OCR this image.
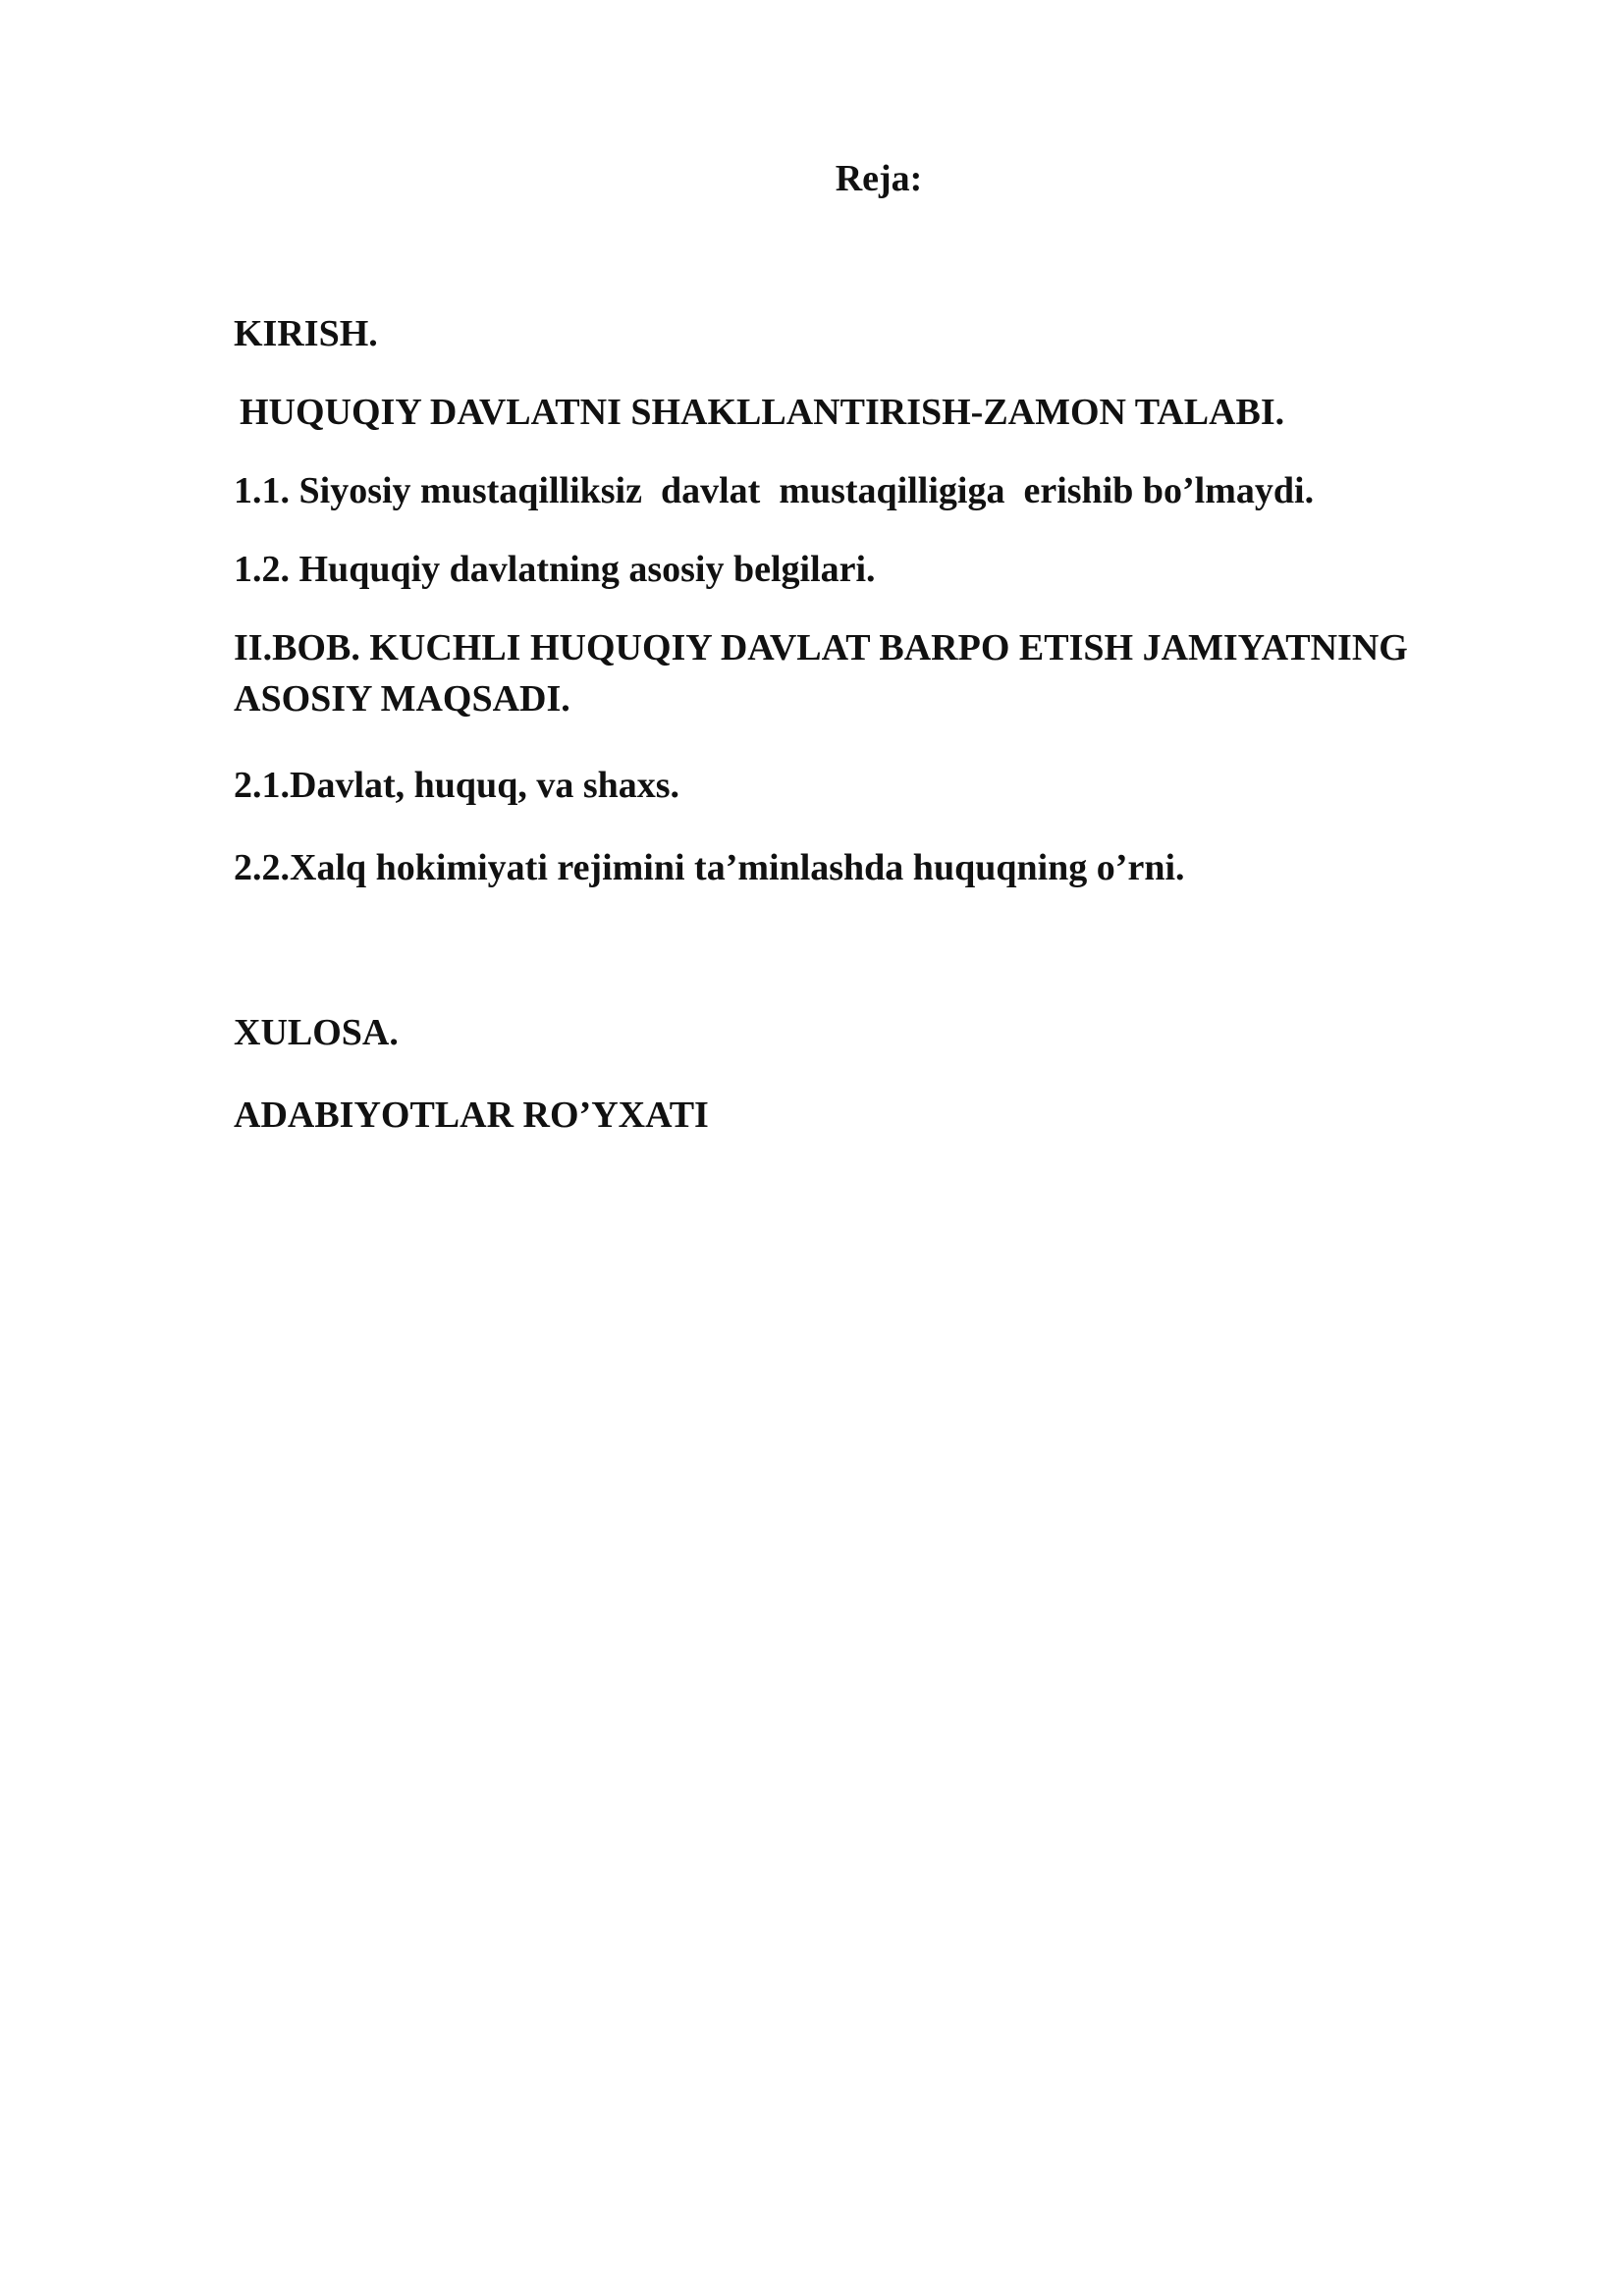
Reja:

KIRISH.

HUQUQIY DAVLATNI SHAKLLANTIRISH-ZAMON TALABI.

1.1. Siyosiy mustaqilliksiz  davlat  mustaqilligiga  erishib bo’lmaydi.

1.2. Huquqiy davlatning asosiy belgilari.

II.BOB. KUCHLI HUQUQIY DAVLAT BARPO ETISH JAMIYATNING ASOSIY MAQSADI.

2.1.Davlat, huquq, va shaxs.

2.2.Xalq hokimiyati rejimini ta’minlashda huquqning o’rni.

XULOSA.

ADABIYOTLAR RO’YXATI
